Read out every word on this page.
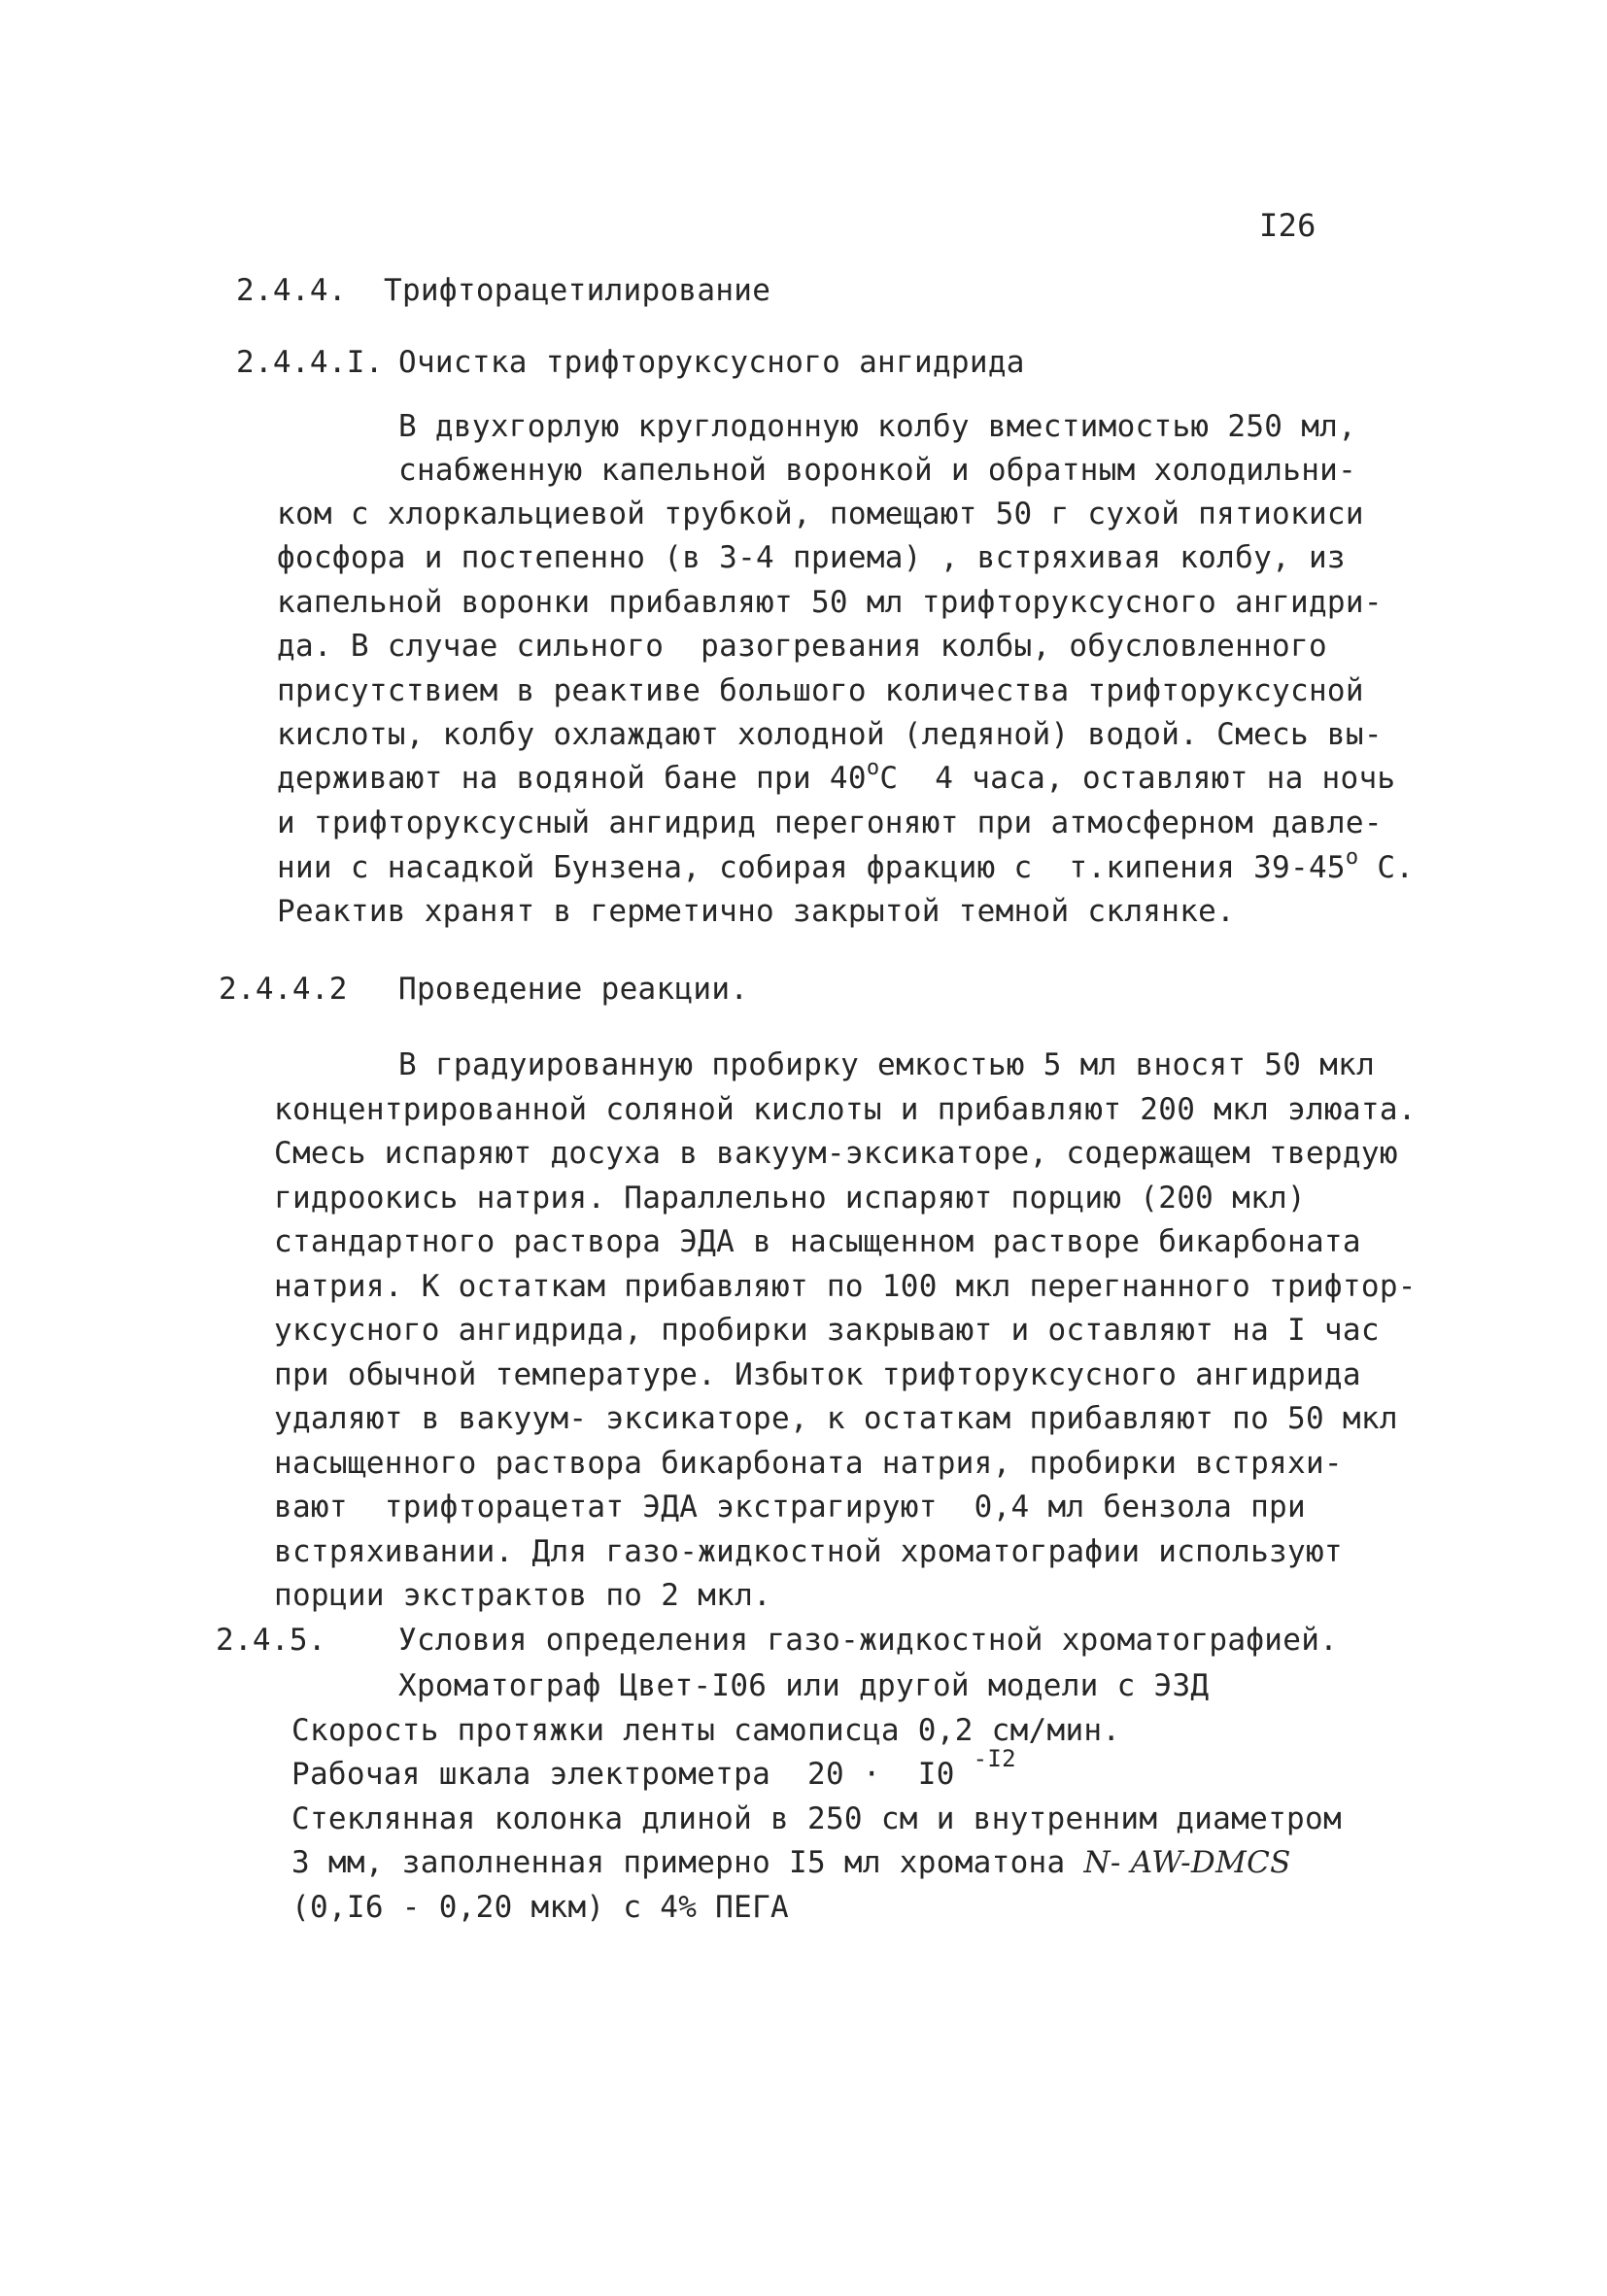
I26
2.4.4. Трифторацетилирование
2.4.4.I. Очистка трифторуксусного ангидрида
В двухгорлую круглодонную колбу вместимостью 250 мл,
снабженную капельной воронкой и обратным холодильни-
ком с хлоркальциевой трубкой, помещают 50 г сухой пятиокиси
фосфора и постепенно (в 3-4 приема) , встряхивая колбу, из
капельной воронки прибавляют 50 мл трифторуксусного ангидри-
да. В случае сильного  разогревания колбы, обусловленного
присутствием в реактиве большого количества трифторуксусной
кислоты, колбу охлаждают холодной (ледяной) водой. Смесь вы-
держивают на водяной бане при $40^оС$  4 часа, оставляют на ночь
и трифторуксусный ангидрид перегоняют при атмосферном давле-
нии с насадкой Бунзена, собирая фракцию с  т.кипения $39-45^о$ С.
Реактив хранят в герметично закрытой темной склянке.
2.4.4.2 Проведение реакции.
В градуированную пробирку емкостью 5 мл вносят 50 мкл
концентрированной соляной кислоты и прибавляют 200 мкл элюата.
Смесь испаряют досуха в вакуум-эксикаторе, содержащем твердую
гидроокись натрия. Параллельно испаряют порцию (200 мкл)
стандартного раствора ЭДА в насыщенном растворе бикарбоната
натрия. К остаткам прибавляют по 100 мкл перегнанного трифтор-
уксусного ангидрида, пробирки закрывают и оставляют на I час
при обычной температуре. Избыток трифторуксусного ангидрида
удаляют в вакуум- эксикаторе, к остаткам прибавляют по 50 мкл
насыщенного раствора бикарбоната натрия, пробирки встряхи-
вают  трифторацетат ЭДА экстрагируют  0,4 мл бензола при
встряхивании. Для газо-жидкостной хроматографии используют
порции экстрактов по 2 мкл.
2.4.5. Условия определения газо-жидкостной хроматографией.
Хроматограф Цвет-I06 или другой модели с ЭЗД
Скорость протяжки ленты самописца 0,2 см/мин.
Рабочая шкала электрометра  20 ·  I0 $^{-I2}$
Стеклянная колонка длиной в 250 см и внутренним диаметром
3 мм, заполненная примерно I5 мл хроматона N- AW-DMCS
(0,I6 - 0,20 мкм) с 4% ПЕГА
